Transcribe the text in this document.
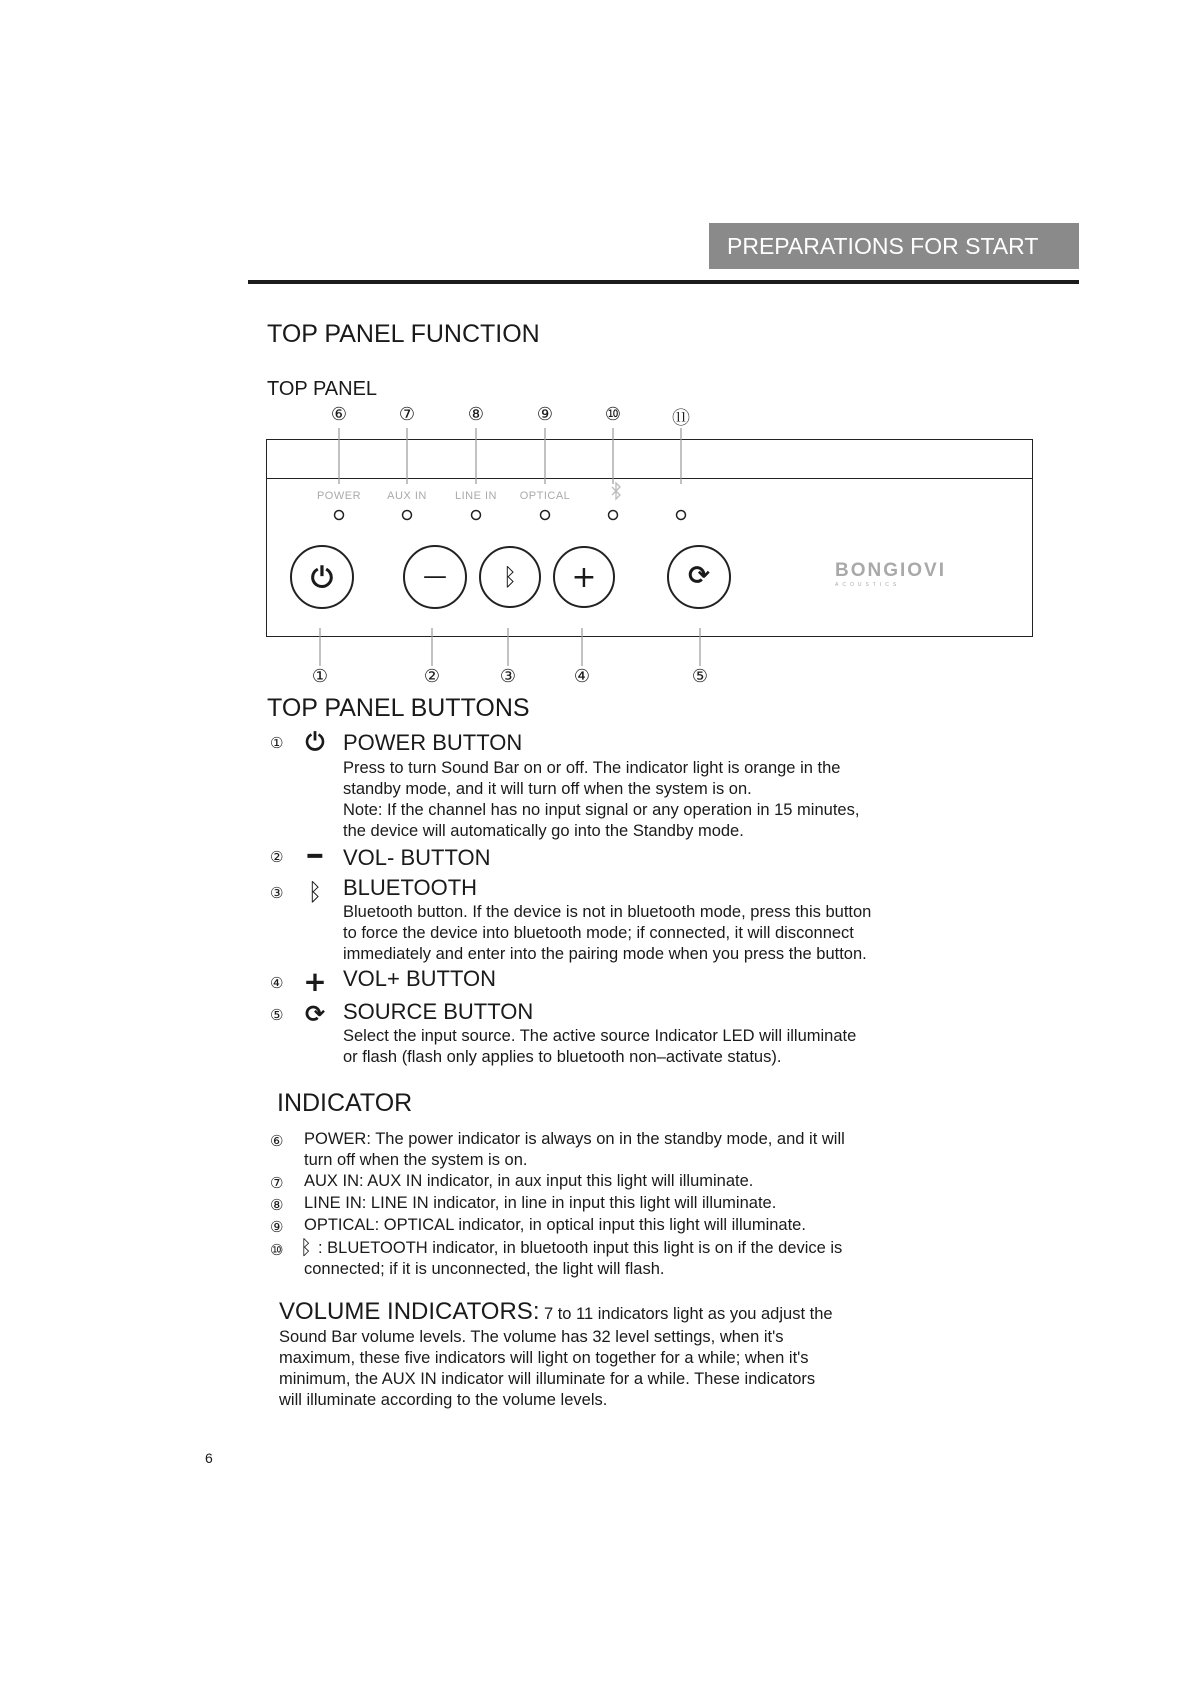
PREPARATIONS FOR START
TOP PANEL FUNCTION
TOP PANEL
⑥	⑦	⑧	⑨	⑩	⑪
POWER	AUX IN	LINE IN	OPTICAL
⏻	—	ᛒ +	⟳	BONGIOVI
ACOUSTICS
①	②	③	④	⑤
TOP PANEL BUTTONS
① ⏻ POWER BUTTON
Press to turn Sound Bar on or off. The indicator light is orange in the
standby mode, and it will turn off when the system is on.
Note: If the channel has no input signal or any operation in 15 minutes,
the device will automatically go into the Standby mode.
②	━ VOL- BUTTON
③	ᛒ BLUETOOTH
Bluetooth button. If the device is not in bluetooth mode, press this button
to force the device into bluetooth mode; if connected, it will disconnect
immediately and enter into the pairing mode when you press the button.
④ + VOL+ BUTTON
⑤ ⟳ SOURCE BUTTON
Select the input source. The active source Indicator LED will illuminate
or flash (flash only applies to bluetooth non–activate status).
INDICATOR
⑥ POWER: The power indicator is always on in the standby mode, and it will
turn off when the system is on.
⑦ AUX IN: AUX IN indicator, in aux input this light will illuminate.
⑧ LINE IN: LINE IN indicator, in line in input this light will illuminate.
⑨ OPTICAL: OPTICAL indicator, in optical input this light will illuminate.
⑩ ᛒ : BLUETOOTH indicator, in bluetooth input this light is on if the device is
connected; if it is unconnected, the light will flash.
VOLUME INDICATORS: 7 to 11 indicators light as you adjust the
Sound Bar volume levels. The volume has 32 level settings, when it's
maximum, these five indicators will light on together for a while; when it's
minimum, the AUX IN indicator will illuminate for a while. These indicators
will illuminate according to the volume levels.
6
